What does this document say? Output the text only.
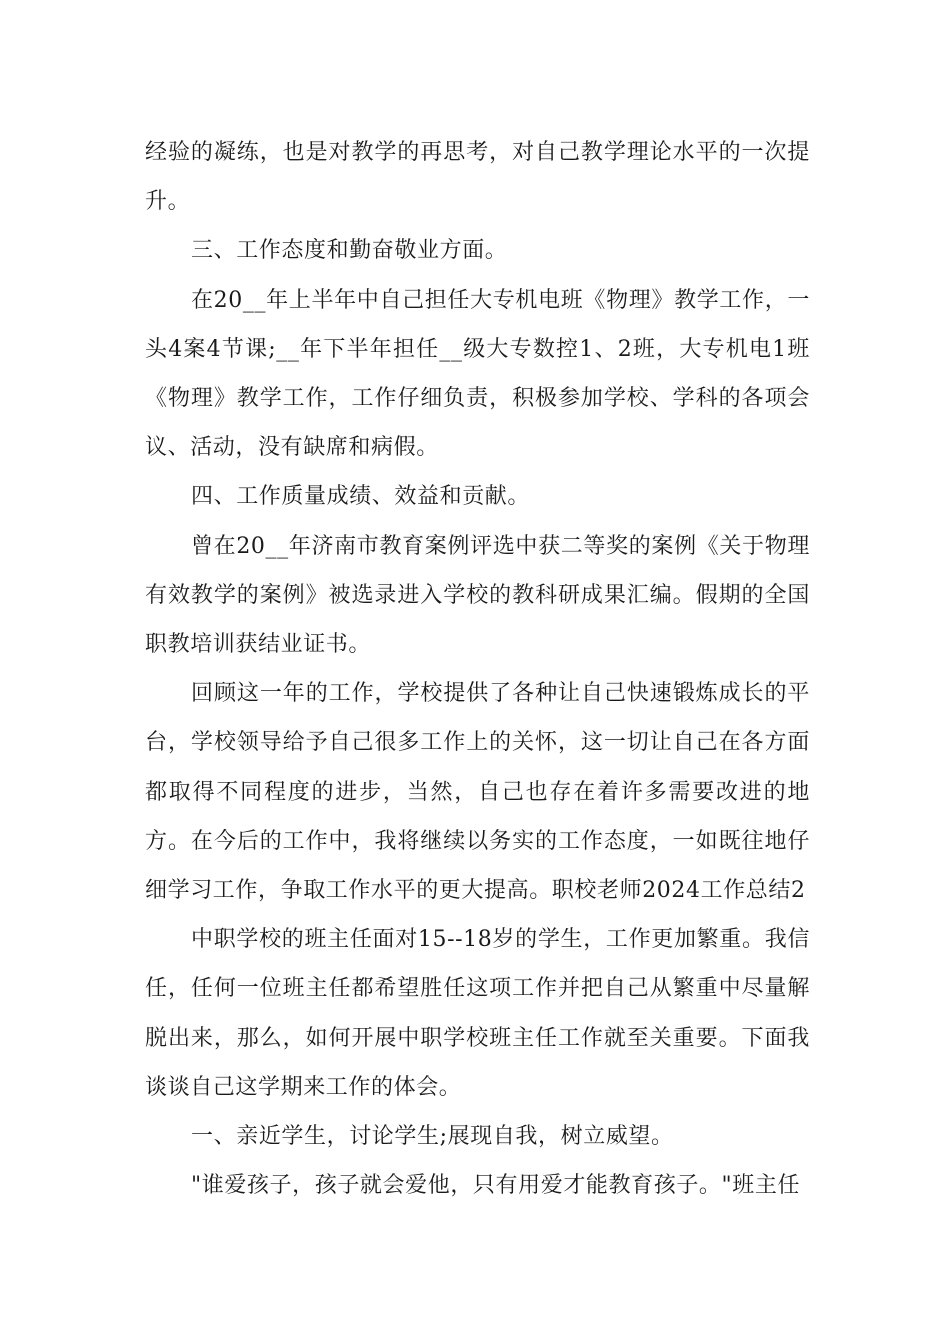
经验的凝练，也是对教学的再思考，对自己教学理论水平的一次提升。

三、工作态度和勤奋敬业方面。

在20__年上半年中自己担任大专机电班《物理》教学工作，一头4案4节课;__年下半年担任__级大专数控1、2班，大专机电1班《物理》教学工作，工作仔细负责，积极参加学校、学科的各项会议、活动，没有缺席和病假。

四、工作质量成绩、效益和贡献。

曾在20__年济南市教育案例评选中获二等奖的案例《关于物理有效教学的案例》被选录进入学校的教科研成果汇编。假期的全国职教培训获结业证书。

回顾这一年的工作，学校提供了各种让自己快速锻炼成长的平台，学校领导给予自己很多工作上的关怀，这一切让自己在各方面都取得不同程度的进步，当然，自己也存在着许多需要改进的地方。在今后的工作中，我将继续以务实的工作态度，一如既往地仔细学习工作，争取工作水平的更大提高。职校老师2024工作总结2

中职学校的班主任面对15--18岁的学生，工作更加繁重。我信任，任何一位班主任都希望胜任这项工作并把自己从繁重中尽量解脱出来，那么，如何开展中职学校班主任工作就至关重要。下面我谈谈自己这学期来工作的体会。

一、亲近学生，讨论学生;展现自我，树立威望。

"谁爱孩子，孩子就会爱他，只有用爱才能教育孩子。"班主任
